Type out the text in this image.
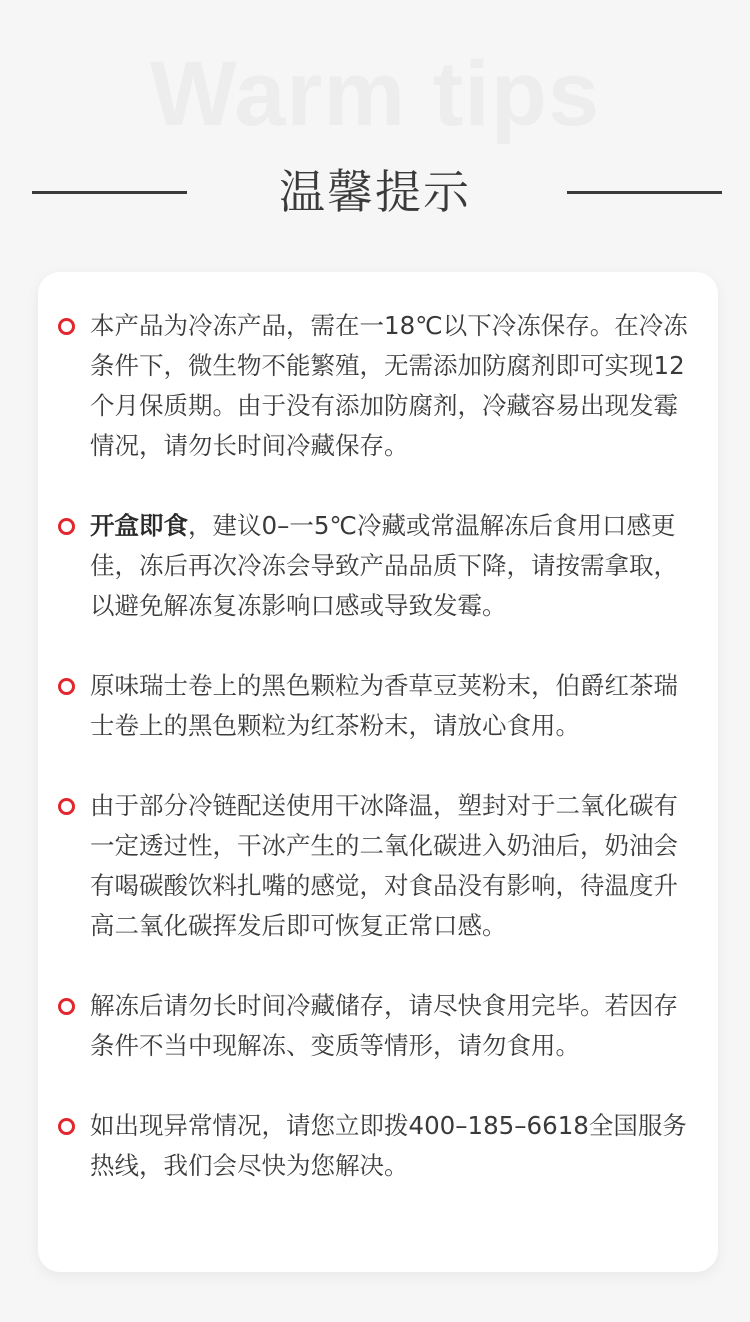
Warm tips
温馨提示
本产品为冷冻产品，需在一18℃以下冷冻保存。在冷冻条件下，微生物不能繁殖，无需添加防腐剂即可实现12个月保质期。由于没有添加防腐剂，冷藏容易出现发霉情况，请勿长时间冷藏保存。
开盒即食，建议0–一5℃冷藏或常温解冻后食用口感更佳，冻后再次冷冻会导致产品品质下降，请按需拿取，以避免解冻复冻影响口感或导致发霉。
原味瑞士卷上的黑色颗粒为香草豆荚粉末，伯爵红茶瑞士卷上的黑色颗粒为红茶粉末，请放心食用。
由于部分冷链配送使用干冰降温，塑封对于二氧化碳有一定透过性，干冰产生的二氧化碳进入奶油后，奶油会有喝碳酸饮料扎嘴的感觉，对食品没有影响，待温度升高二氧化碳挥发后即可恢复正常口感。
解冻后请勿长时间冷藏储存，请尽快食用完毕。若因存条件不当中现解冻、变质等情形，请勿食用。
如出现异常情况，请您立即拨400–185–6618全国服务热线，我们会尽快为您解决。
